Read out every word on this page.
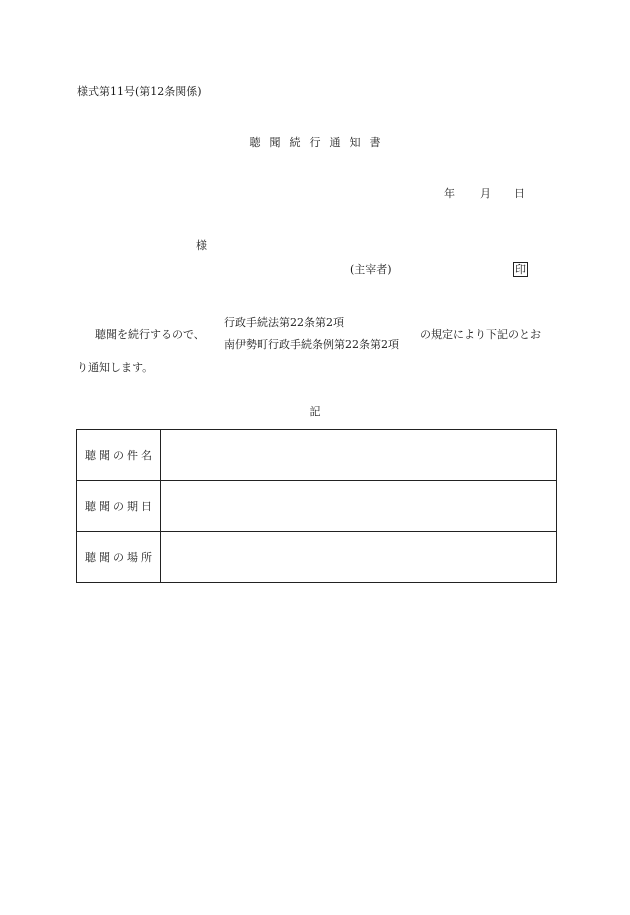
様式第11号(第12条関係)
聴聞続行通知書
年 月 日
様
(主宰者)	印
聴聞を続行するので、
行政手続法第22条第2項
南伊勢町行政手続条例第22条第2項
の規定により下記のとお
り通知します。
記
聴聞の件名	
聴聞の期日	
聴聞の場所	
